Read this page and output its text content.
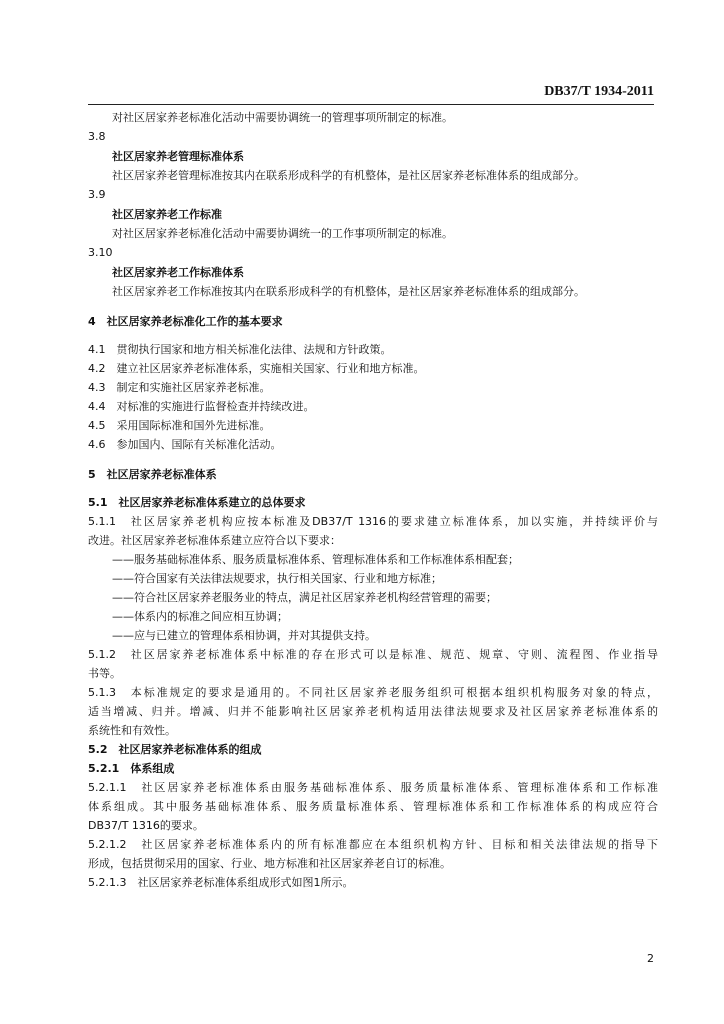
DB37/T 1934-2011

对社区居家养老标准化活动中需要协调统一的管理事项所制定的标准。

3.8

社区居家养老管理标准体系

社区居家养老管理标准按其内在联系形成科学的有机整体，是社区居家养老标准体系的组成部分。

3.9

社区居家养老工作标准

对社区居家养老标准化活动中需要协调统一的工作事项所制定的标准。

3.10

社区居家养老工作标准体系

社区居家养老工作标准按其内在联系形成科学的有机整体，是社区居家养老标准体系的组成部分。

4　社区居家养老标准化工作的基本要求

4.1　贯彻执行国家和地方相关标准化法律、法规和方针政策。

4.2　建立社区居家养老标准体系，实施相关国家、行业和地方标准。

4.3　制定和实施社区居家养老标准。

4.4　对标准的实施进行监督检查并持续改进。

4.5　采用国际标准和国外先进标准。

4.6　参加国内、国际有关标准化活动。

5　社区居家养老标准体系

5.1　社区居家养老标准体系建立的总体要求

5.1.1　社区居家养老机构应按本标准及DB37/T 1316的要求建立标准体系，加以实施，并持续评价与

改进。社区居家养老标准体系建立应符合以下要求：

——服务基础标准体系、服务质量标准体系、管理标准体系和工作标准体系相配套；

——符合国家有关法律法规要求，执行相关国家、行业和地方标准；

——符合社区居家养老服务业的特点，满足社区居家养老机构经营管理的需要；

——体系内的标准之间应相互协调；

——应与已建立的管理体系相协调，并对其提供支持。

5.1.2　社区居家养老标准体系中标准的存在形式可以是标准、规范、规章、守则、流程图、作业指导

书等。

5.1.3　本标准规定的要求是通用的。不同社区居家养老服务组织可根据本组织机构服务对象的特点，

适当增减、归并。增减、归并不能影响社区居家养老机构适用法律法规要求及社区居家养老标准体系的

系统性和有效性。

5.2　社区居家养老标准体系的组成

5.2.1　体系组成

5.2.1.1　社区居家养老标准体系由服务基础标准体系、服务质量标准体系、管理标准体系和工作标准

体系组成。其中服务基础标准体系、服务质量标准体系、管理标准体系和工作标准体系的构成应符合

DB37/T 1316的要求。

5.2.1.2　社区居家养老标准体系内的所有标准都应在本组织机构方针、目标和相关法律法规的指导下

形成，包括贯彻采用的国家、行业、地方标准和社区居家养老自订的标准。

5.2.1.3　社区居家养老标准体系组成形式如图1所示。

2
